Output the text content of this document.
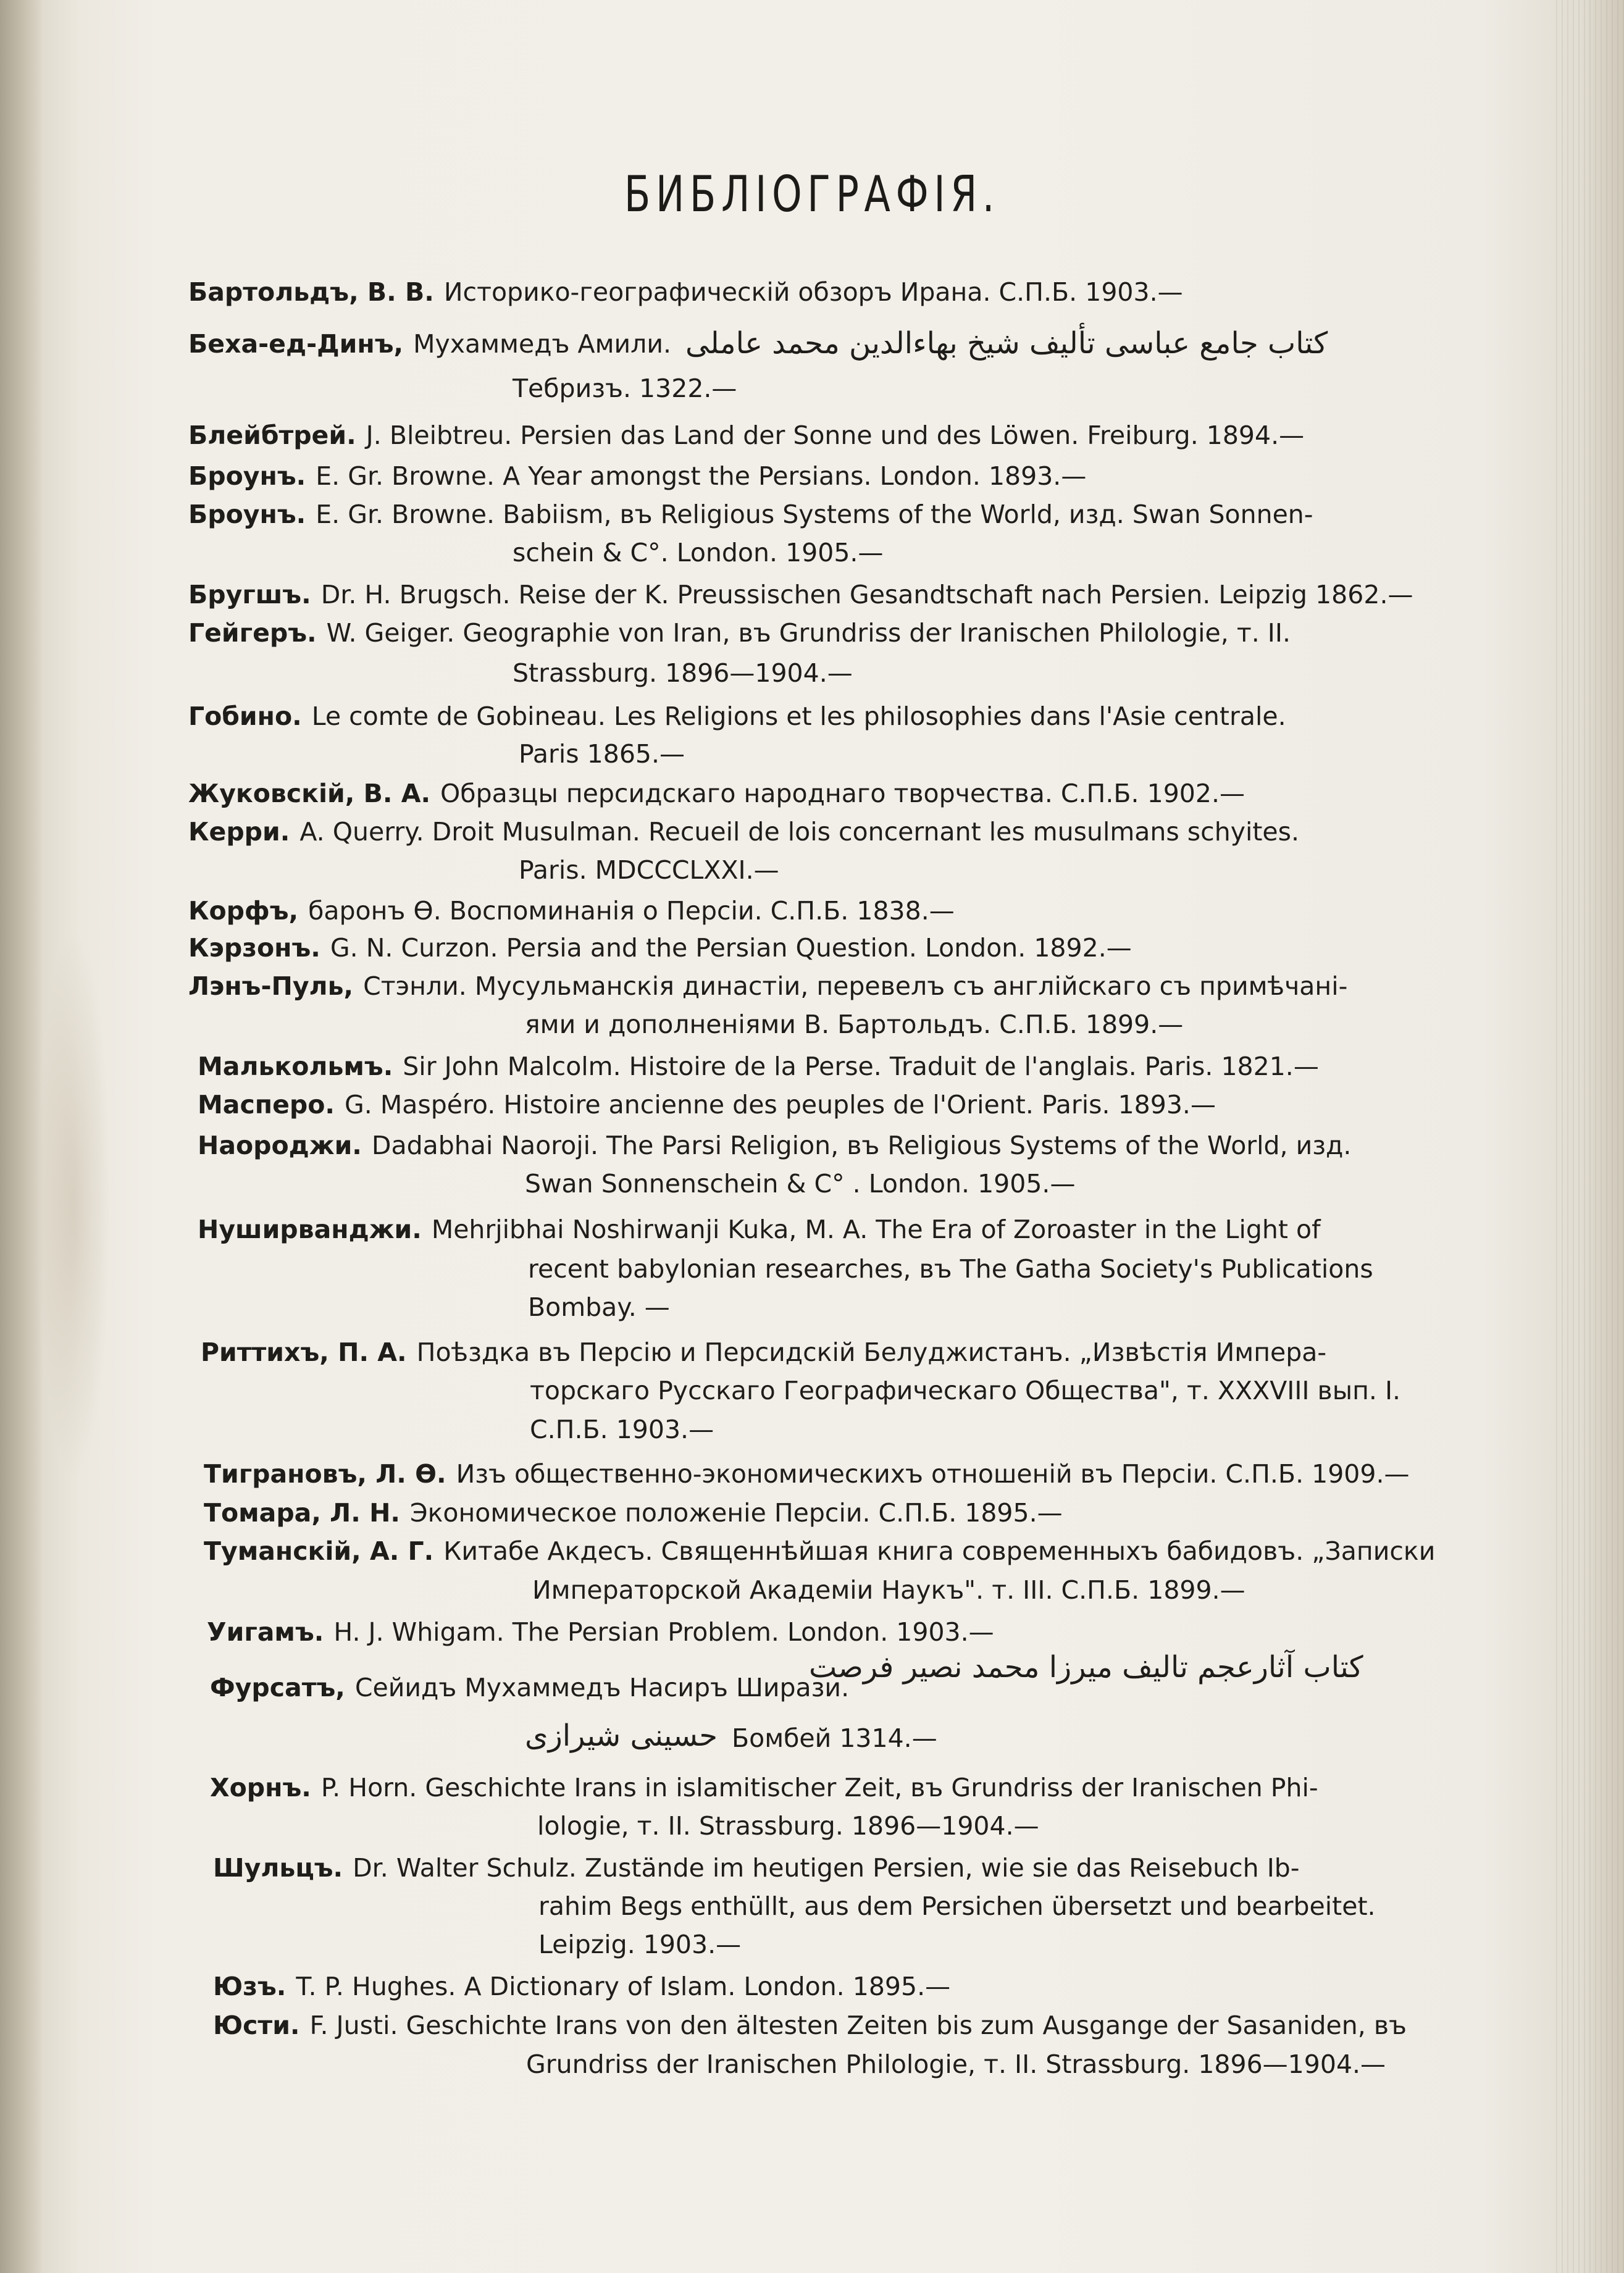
БИБЛІОГРАФІЯ.
Бартольдъ, В. В. Историко-географическій обзоръ Ирана. С.П.Б. 1903.—
Беха-ед-Динъ, Мухаммедъ Амили. کتاب جامع عباسی تألیف شیخ بهاءالدین محمد عاملی
Тебризъ. 1322.—
Блейбтрей. J. Bleibtreu. Persien das Land der Sonne und des Löwen. Freiburg. 1894.—
Броунъ. E. Gr. Browne. A Year amongst the Persians. London. 1893.—
Броунъ. E. Gr. Browne. Babiism, въ Religious Systems of the World, изд. Swan Sonnen-
schein & C°. London. 1905.—
Бругшъ. Dr. H. Brugsch. Reise der K. Preussischen Gesandtschaft nach Persien. Leipzig 1862.—
Гейгеръ. W. Geiger. Geographie von Iran, въ Grundriss der Iranischen Philologie, т. II.
Strassburg. 1896—1904.—
Гобино. Le comte de Gobineau. Les Religions et les philosophies dans l'Asie centrale.
Paris 1865.—
Жуковскій, В. А. Образцы персидскаго народнаго творчества. С.П.Б. 1902.—
Керри. A. Querry. Droit Musulman. Recueil de lois concernant les musulmans schyites.
Paris. MDCCCLXXI.—
Корфъ, баронъ Ѳ. Воспоминанія о Персіи. С.П.Б. 1838.—
Кэрзонъ. G. N. Curzon. Persia and the Persian Question. London. 1892.—
Лэнъ-Пуль, Стэнли. Мусульманскія династіи, перевелъ съ англійскаго съ примѣчані-
ями и дополненіями В. Бартольдъ. С.П.Б. 1899.—
Малькольмъ. Sir John Malcolm. Histoire de la Perse. Traduit de l'anglais. Paris. 1821.—
Масперо. G. Maspéro. Histoire ancienne des peuples de l'Orient. Paris. 1893.—
Наороджи. Dadabhai Naoroji. The Parsi Religion, въ Religious Systems of the World, изд.
Swan Sonnenschein & C° . London. 1905.—
Нуширванджи. Mehrjibhai Noshirwanji Kuka, M. A. The Era of Zoroaster in the Light of
recent babylonian researches, въ The Gatha Society's Publications
Bombay. —
Риттихъ, П. А. Поѣздка въ Персію и Персидскій Белуджистанъ. „Извѣстія Импера-
торскаго Русскаго Географическаго Общества", т. XXXVIII вып. I.
С.П.Б. 1903.—
Тиграновъ, Л. Ѳ. Изъ общественно-экономическихъ отношеній въ Персіи. С.П.Б. 1909.—
Томара, Л. Н. Экономическое положеніе Персіи. С.П.Б. 1895.—
Туманскій, А. Г. Китабе Акдесъ. Священнѣйшая книга современныхъ бабидовъ. „Записки
Императорской Академіи Наукъ". т. III. С.П.Б. 1899.—
Уигамъ. H. J. Whigam. The Persian Problem. London. 1903.—
Фурсатъ, Сейидъ Мухаммедъ Насиръ Ширази.
کتاب آثارعجم تالیف میرزا محمد نصیر فرصت
حسینی شیرازی Бомбей 1314.—
Хорнъ. P. Horn. Geschichte Irans in islamitischer Zeit, въ Grundriss der Iranischen Phi-
lologie, т. II. Strassburg. 1896—1904.—
Шульцъ. Dr. Walter Schulz. Zustände im heutigen Persien, wie sie das Reisebuch Ib-
rahim Begs enthüllt, aus dem Persichen übersetzt und bearbeitet.
Leipzig. 1903.—
Юзъ. T. P. Hughes. A Dictionary of Islam. London. 1895.—
Юсти. F. Justi. Geschichte Irans von den ältesten Zeiten bis zum Ausgange der Sasaniden, въ
Grundriss der Iranischen Philologie, т. II. Strassburg. 1896—1904.—
